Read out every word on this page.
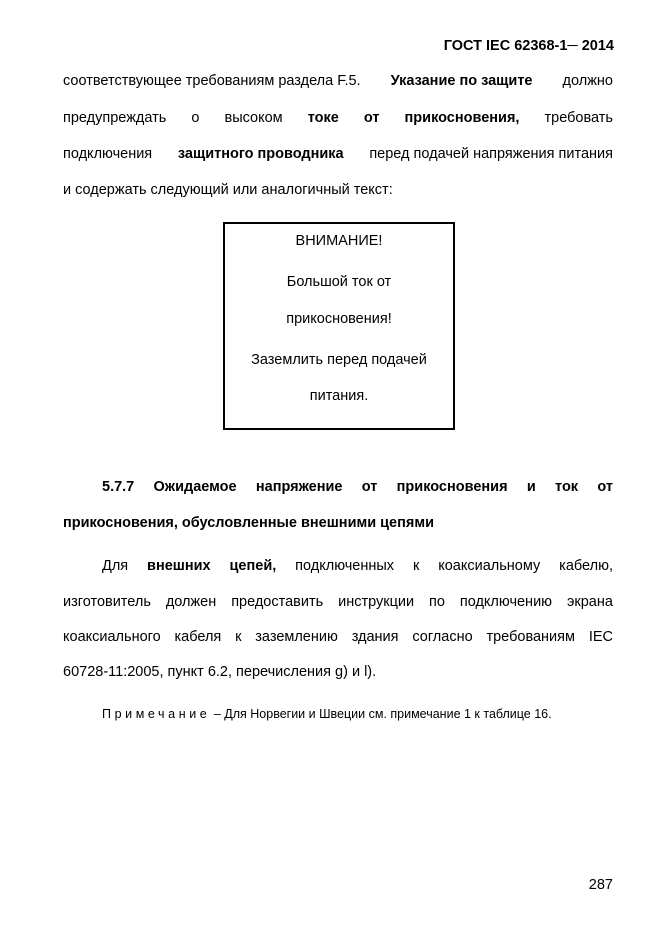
ГОСТ IEC 62368-1─ 2014
соответствующее требованиям раздела F.5. Указание по защите должно
предупреждать о высоком токе от прикосновения, требовать
подключения защитного проводника перед подачей напряжения питания
и содержать следующий или аналогичный текст:
ВНИМАНИЕ!
Большой ток от
прикосновения!
Заземлить перед подачей
питания.
5.7.7 Ожидаемое напряжение от прикосновения и ток от
прикосновения, обусловленные внешними цепями
Для внешних цепей, подключенных к коаксиальному кабелю,
изготовитель должен предоставить инструкции по подключению экрана
коаксиального кабеля к заземлению здания согласно требованиям IEC
60728-11:2005, пункт 6.2, перечисления g) и l).
Примечание – Для Норвегии и Швеции см. примечание 1 к таблице 16.
287
